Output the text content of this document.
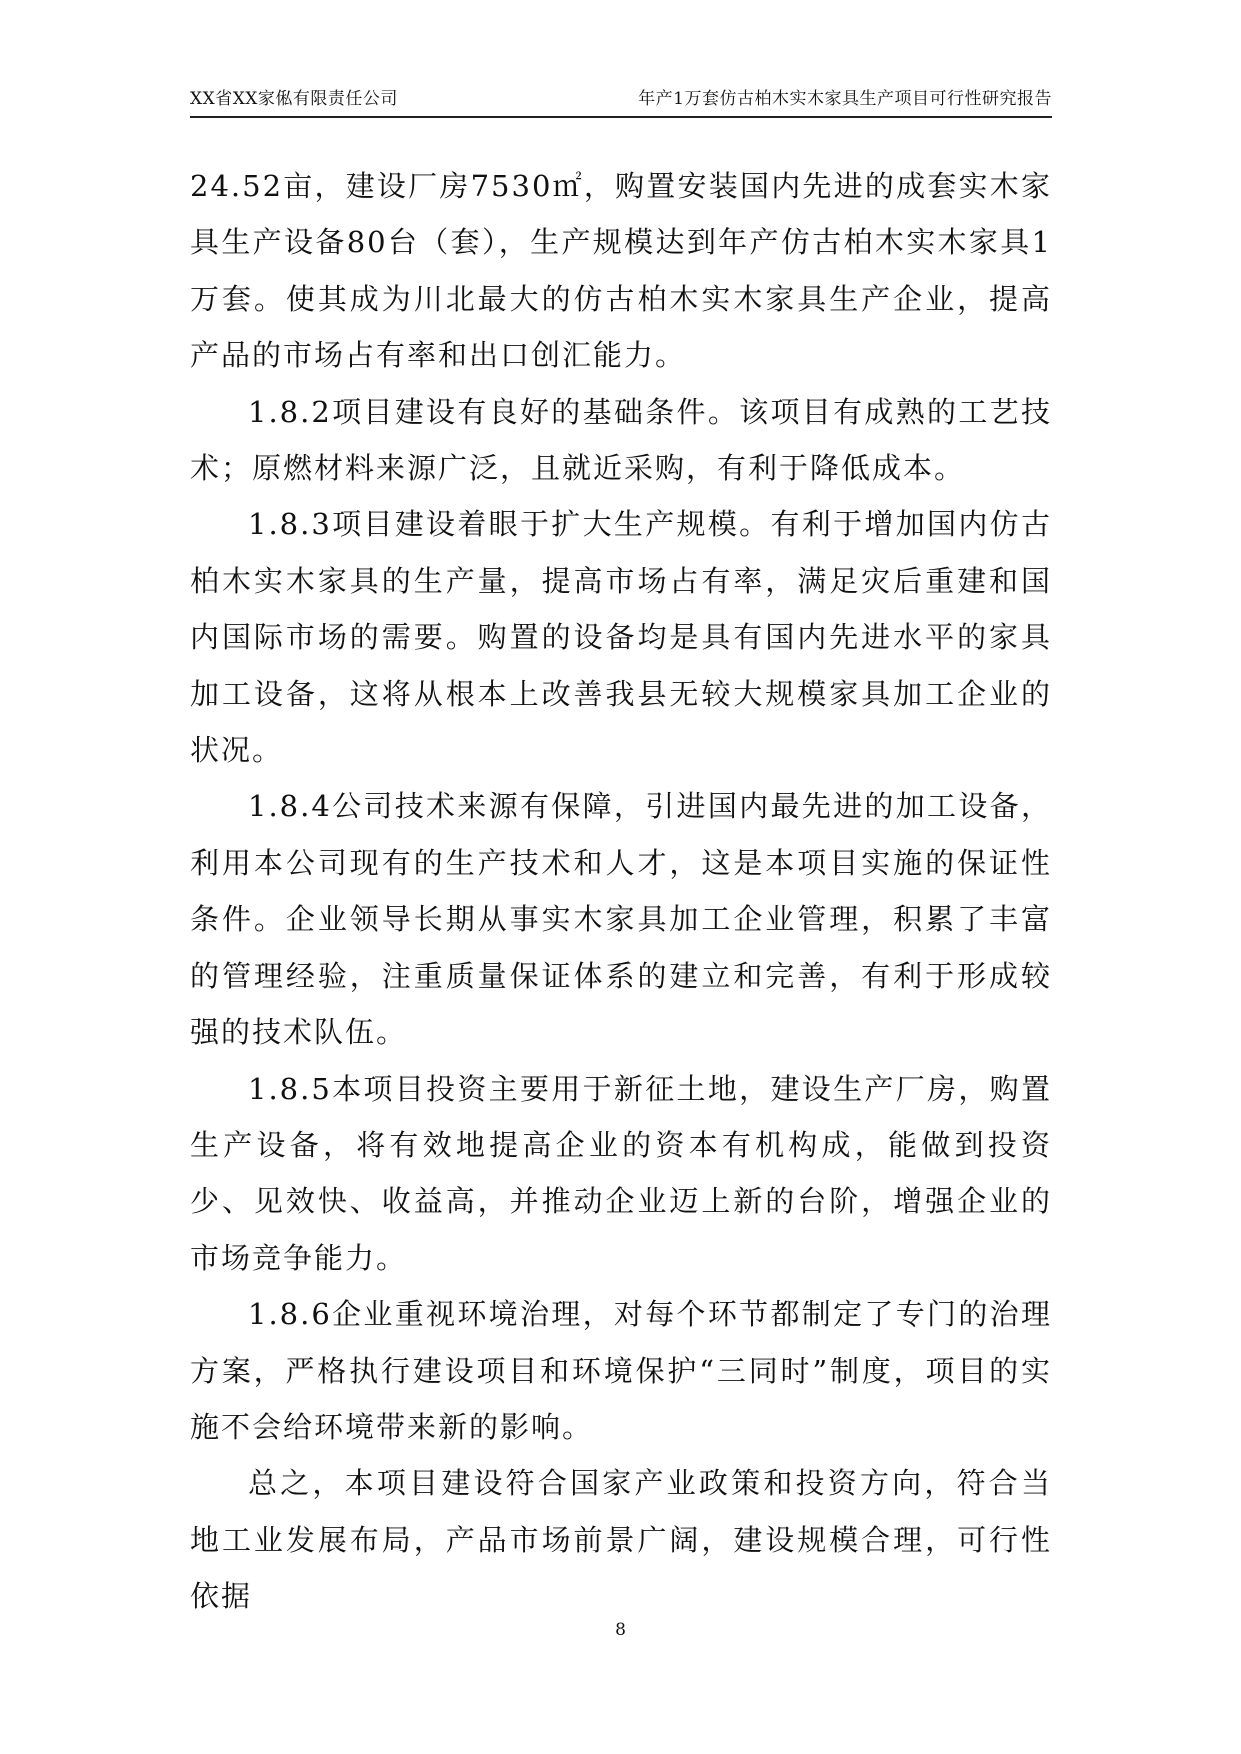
XX省XX家俬有限责任公司	年产1万套仿古柏木实木家具生产项目可行性研究报告

24.52亩，建设厂房7530㎡，购置安装国内先进的成套实木家具生产设备80台（套），生产规模达到年产仿古柏木实木家具1万套。使其成为川北最大的仿古柏木实木家具生产企业，提高产品的市场占有率和出口创汇能力。

1.8.2项目建设有良好的基础条件。该项目有成熟的工艺技术；原燃材料来源广泛，且就近采购，有利于降低成本。

1.8.3项目建设着眼于扩大生产规模。有利于增加国内仿古柏木实木家具的生产量，提高市场占有率，满足灾后重建和国内国际市场的需要。购置的设备均是具有国内先进水平的家具加工设备，这将从根本上改善我县无较大规模家具加工企业的状况。

1.8.4公司技术来源有保障，引进国内最先进的加工设备，利用本公司现有的生产技术和人才，这是本项目实施的保证性条件。企业领导长期从事实木家具加工企业管理，积累了丰富的管理经验，注重质量保证体系的建立和完善，有利于形成较强的技术队伍。

1.8.5本项目投资主要用于新征土地，建设生产厂房，购置生产设备，将有效地提高企业的资本有机构成，能做到投资少、见效快、收益高，并推动企业迈上新的台阶，增强企业的市场竞争能力。

1.8.6企业重视环境治理，对每个环节都制定了专门的治理方案，严格执行建设项目和环境保护“三同时”制度，项目的实施不会给环境带来新的影响。

总之，本项目建设符合国家产业政策和投资方向，符合当地工业发展布局，产品市场前景广阔，建设规模合理，可行性依据

8
